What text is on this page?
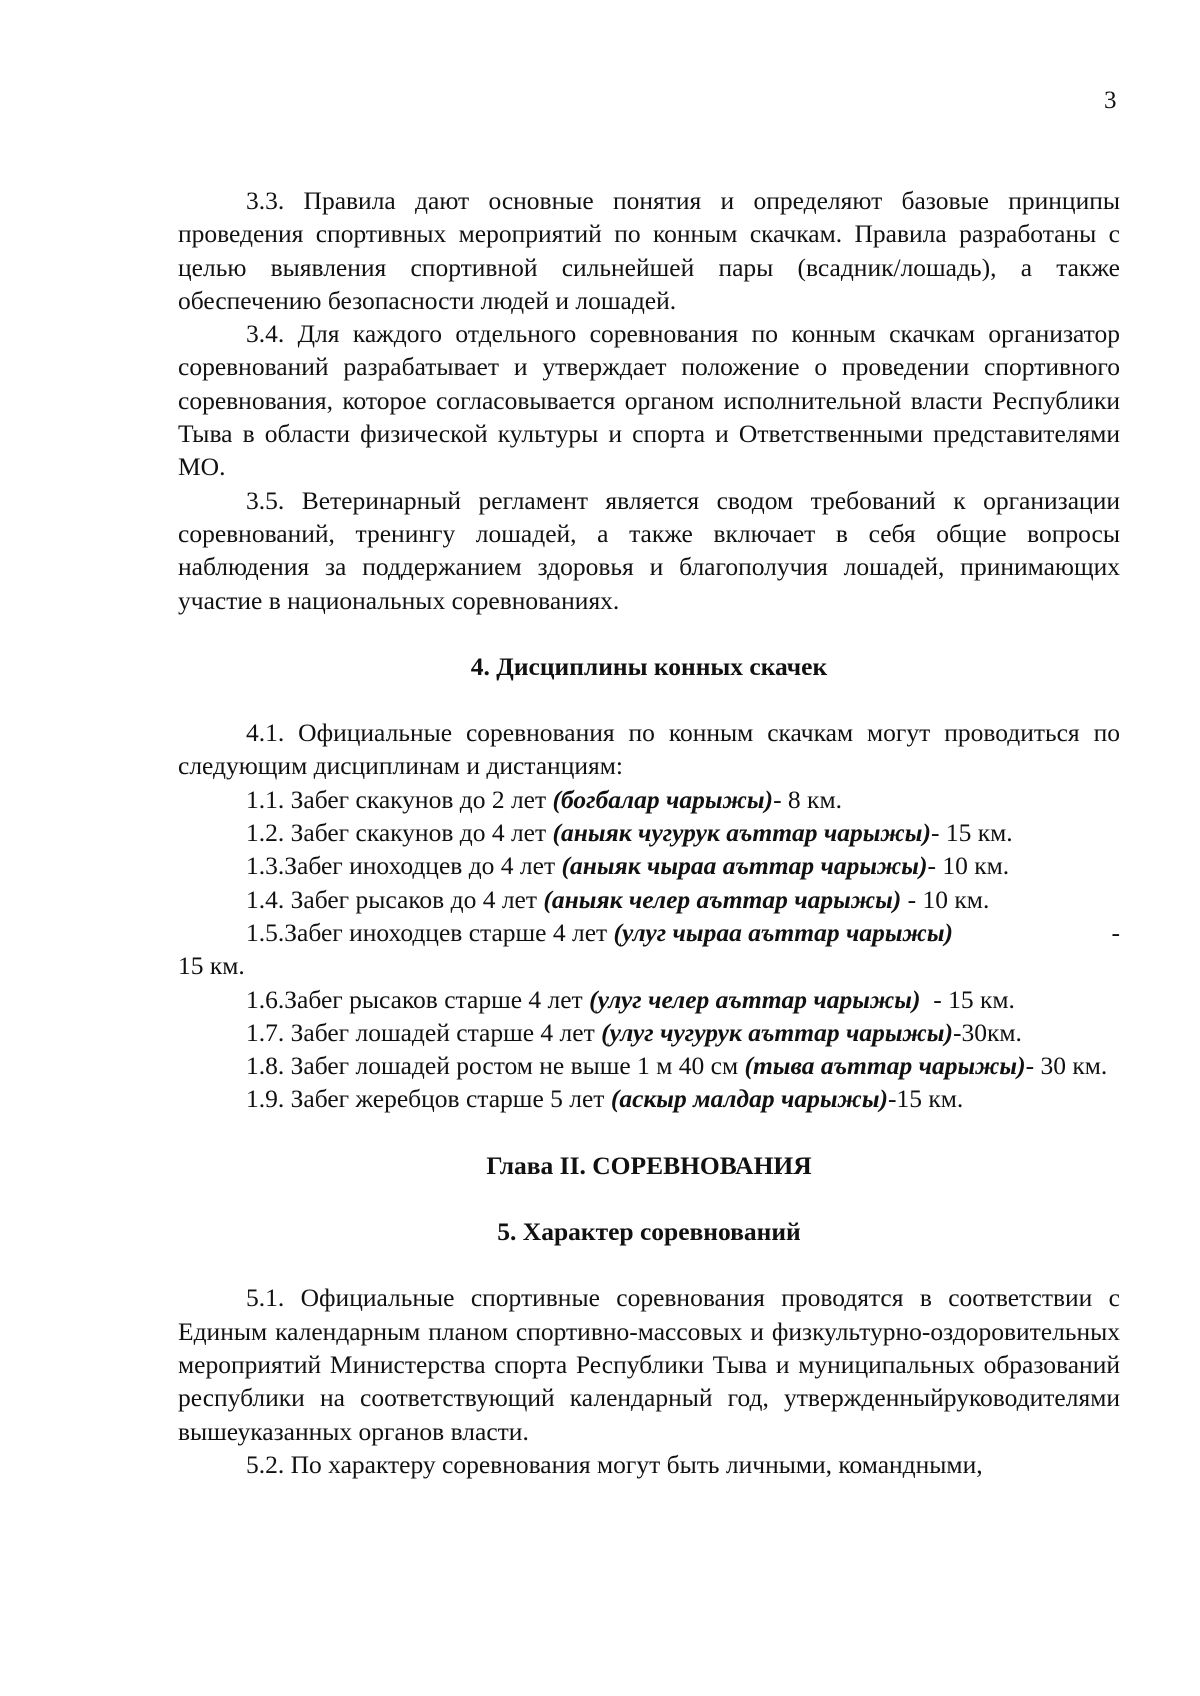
3

3.3. Правила дают основные понятия и определяют базовые принципы проведения спортивных мероприятий по конным скачкам. Правила разработаны с целью выявления спортивной сильнейшей пары (всадник/лошадь), а также обеспечению безопасности людей и лошадей.

3.4. Для каждого отдельного соревнования по конным скачкам организатор соревнований разрабатывает и утверждает положение о проведении спортивного соревнования, которое согласовывается органом исполнительной власти Республики Тыва в области физической культуры и спорта и Ответственными представителями МО.

3.5. Ветеринарный регламент является сводом требований к организации соревнований, тренингу лошадей, а также включает в себя общие вопросы наблюдения за поддержанием здоровья и благополучия лошадей, принимающих участие в национальных соревнованиях.

4. Дисциплины конных скачек

4.1. Официальные соревнования по конным скачкам могут проводиться по следующим дисциплинам и дистанциям:

1.1. Забег скакунов до 2 лет (богбалар чарыжы)- 8 км.
1.2. Забег скакунов до 4 лет (аныяк чугурук аъттар чарыжы)- 15 км.
1.3.Забег иноходцев до 4 лет (аныяк чыраа аъттар чарыжы)- 10 км.
1.4. Забег рысаков до 4 лет (аныяк челер аъттар чарыжы) - 10 км.
1.5.Забег иноходцев старше 4 лет (улуг чыраа аъттар чарыжы)	-

15 км.
1.6.Забег рысаков старше 4 лет (улуг челер аъттар чарыжы)  - 15 км.
1.7. Забег лошадей старше 4 лет (улуг чугурук аъттар чарыжы)-30км.
1.8. Забег лошадей ростом не выше 1 м 40 см (тыва аъттар чарыжы)- 30 км.
1.9. Забег жеребцов старше 5 лет (аскыр малдар чарыжы)-15 км.
Глава II. СОРЕВНОВАНИЯ
5. Характер соревнований

5.1. Официальные спортивные соревнования проводятся в соответствии с Единым календарным планом спортивно-массовых и физкультурно-оздоровительных мероприятий Министерства спорта Республики Тыва и муниципальных образований республики на соответствующий календарный год, утвержденныйруководителями вышеуказанных органов власти.

5.2. По характеру соревнования могут быть личными, командными,
